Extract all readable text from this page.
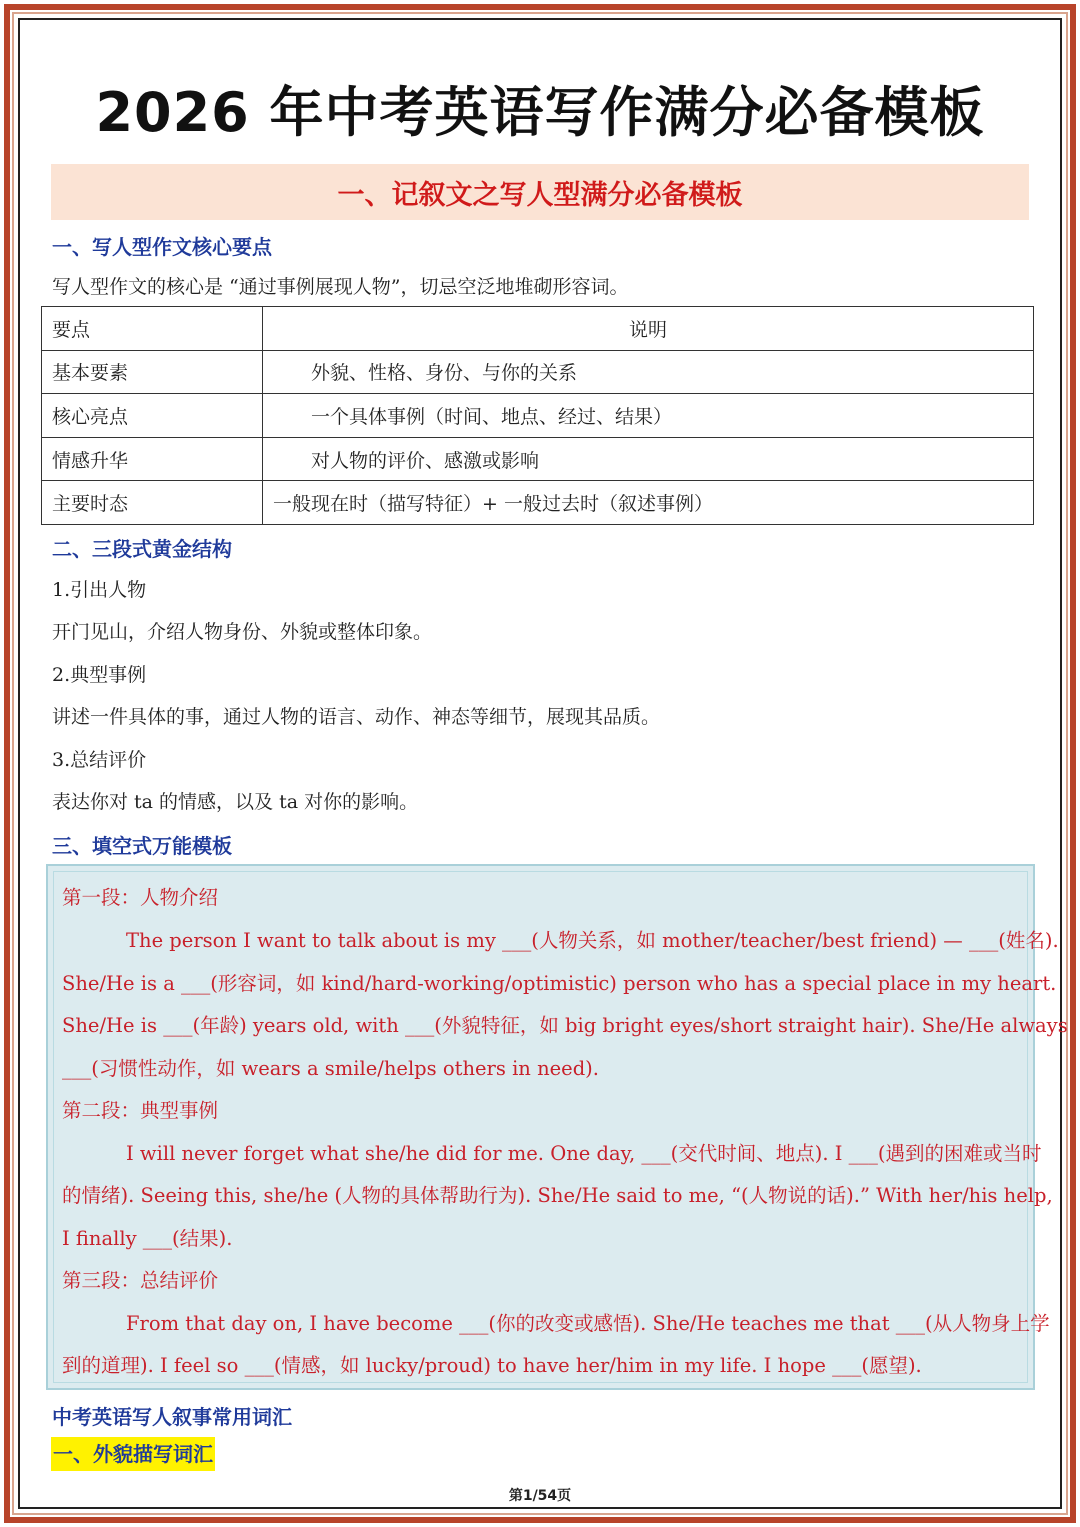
2026 年中考英语写作满分必备模板
一、记叙文之写人型满分必备模板
一、写人型作文核心要点
写人型作文的核心是 “通过事例展现人物”，切忌空泛地堆砌形容词。
要点	说明
基本要素	外貌、性格、身份、与你的关系
核心亮点	一个具体事例（时间、地点、经过、结果）
情感升华	对人物的评价、感激或影响
主要时态	一般现在时（描写特征）+ 一般过去时（叙述事例）
二、三段式黄金结构
1.引出人物
开门见山，介绍人物身份、外貌或整体印象。
2.典型事例
讲述一件具体的事，通过人物的语言、动作、神态等细节，展现其品质。
3.总结评价
表达你对 ta 的情感，以及 ta 对你的影响。
三、填空式万能模板
第一段：人物介绍
The person I want to talk about is my ___(人物关系，如 mother/teacher/best friend) — ___(姓名).
She/He is a ___(形容词，如 kind/hard-working/optimistic) person who has a special place in my heart.
She/He is ___(年龄) years old, with ___(外貌特征，如 big bright eyes/short straight hair). She/He always
___(习惯性动作，如 wears a smile/helps others in need).
第二段：典型事例
I will never forget what she/he did for me. One day, ___(交代时间、地点). I ___(遇到的困难或当时
的情绪). Seeing this, she/he (人物的具体帮助行为). She/He said to me, “(人物说的话).” With her/his help,
I finally ___(结果).
第三段：总结评价
From that day on, I have become ___(你的改变或感悟). She/He teaches me that ___(从人物身上学
到的道理). I feel so ___(情感，如 lucky/proud) to have her/him in my life. I hope ___(愿望).
中考英语写人叙事常用词汇
一、外貌描写词汇
第1/54页
